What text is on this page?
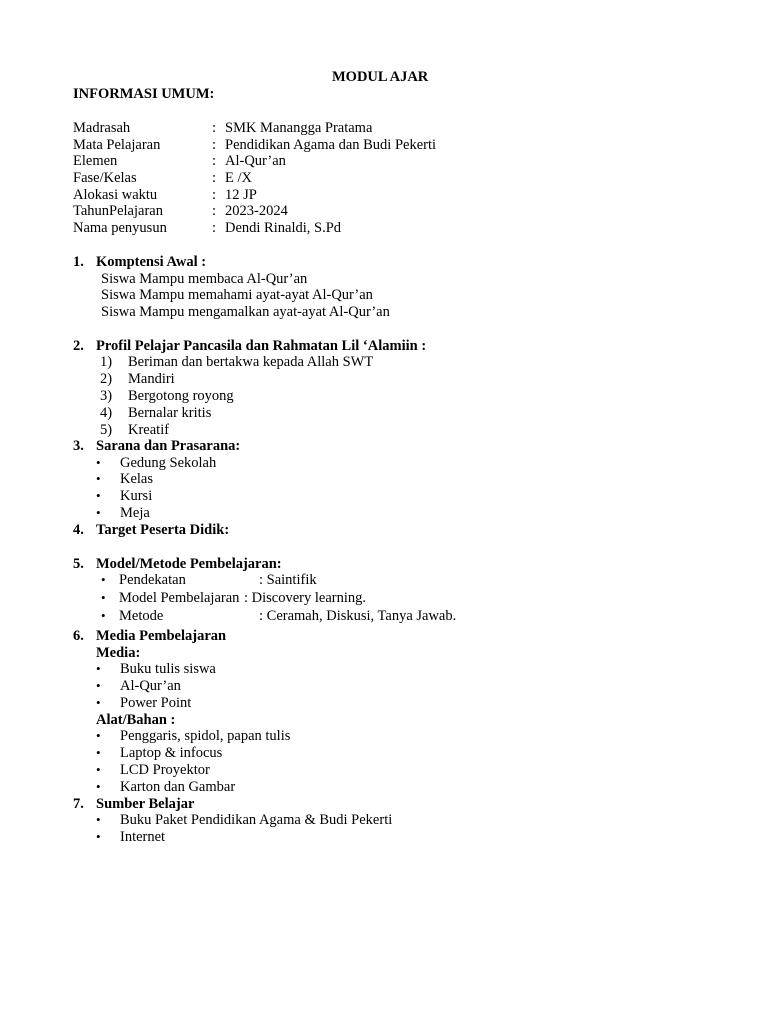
MODUL AJAR
INFORMASI UMUM:
Madrasah	: SMK Manangga Pratama
Mata Pelajaran	: Pendidikan Agama dan Budi Pekerti
Elemen	: Al-Qur’an
Fase/Kelas	: E /X
Alokasi waktu	: 12 JP
TahunPelajaran	: 2023-2024
Nama penyusun	: Dendi Rinaldi, S.Pd
1. Komptensi Awal :
Siswa Mampu membaca Al-Qur’an
Siswa Mampu memahami ayat-ayat Al-Qur’an
Siswa Mampu mengamalkan ayat-ayat Al-Qur’an
2. Profil Pelajar Pancasila dan Rahmatan Lil ‘Alamiin :
1) Beriman dan bertakwa kepada Allah SWT
2) Mandiri
3) Bergotong royong
4) Bernalar kritis
5) Kreatif
3. Sarana dan Prasarana:
• Gedung Sekolah
• Kelas
• Kursi
• Meja
4. Target Peserta Didik:
5. Model/Metode Pembelajaran:
• Pendekatan	: Saintifik
• Model Pembelajaran : Discovery learning.
• Metode	: Ceramah, Diskusi, Tanya Jawab.
6. Media Pembelajaran
Media:
• Buku tulis siswa
• Al-Qur’an
• Power Point
Alat/Bahan :
• Penggaris, spidol, papan tulis
• Laptop & infocus
• LCD Proyektor
• Karton dan Gambar
7. Sumber Belajar
• Buku Paket Pendidikan Agama & Budi Pekerti
• Internet
